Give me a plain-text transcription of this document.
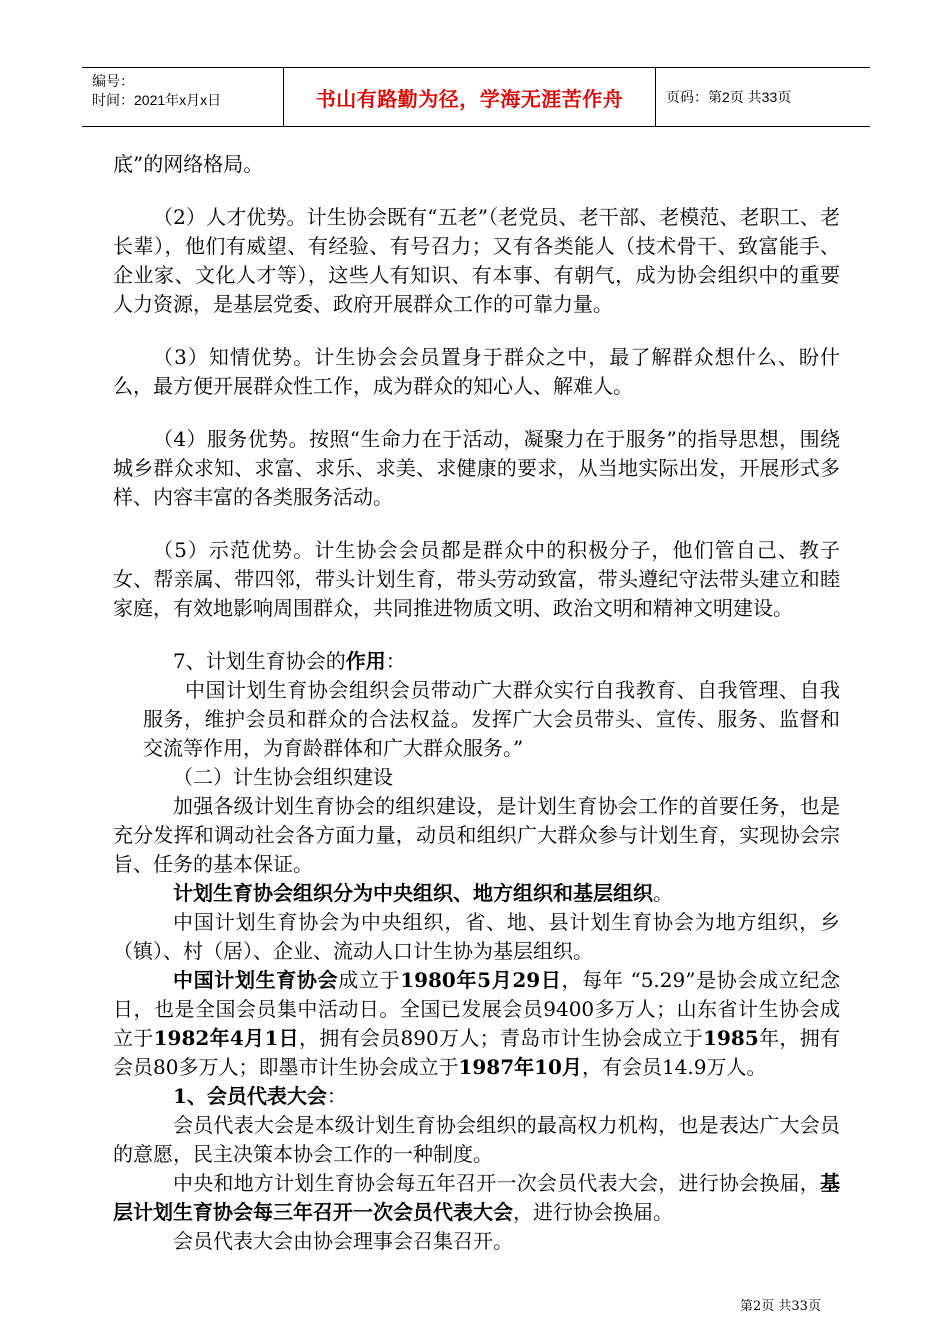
编号：
时间：2021年x月x日	书山有路勤为径，学海无涯苦作舟	页码：第2页 共33页

底”的网络格局。

（2）人才优势。计生协会既有“五老”（老党员、老干部、老模范、老职工、老长辈），他们有威望、有经验、有号召力；又有各类能人（技术骨干、致富能手、企业家、文化人才等），这些人有知识、有本事、有朝气，成为协会组织中的重要人力资源，是基层党委、政府开展群众工作的可靠力量。

（3）知情优势。计生协会会员置身于群众之中，最了解群众想什么、盼什么，最方便开展群众性工作，成为群众的知心人、解难人。

（4）服务优势。按照“生命力在于活动，凝聚力在于服务”的指导思想，围绕城乡群众求知、求富、求乐、求美、求健康的要求，从当地实际出发，开展形式多样、内容丰富的各类服务活动。

（5）示范优势。计生协会会员都是群众中的积极分子，他们管自己、教子女、帮亲属、带四邻，带头计划生育，带头劳动致富，带头遵纪守法带头建立和睦家庭，有效地影响周围群众，共同推进物质文明、政治文明和精神文明建设。

7、计划生育协会的作用：

中国计划生育协会组织会员带动广大群众实行自我教育、自我管理、自我服务，维护会员和群众的合法权益。发挥广大会员带头、宣传、服务、监督和交流等作用，为育龄群体和广大群众服务。”

（二）计生协会组织建设

加强各级计划生育协会的组织建设，是计划生育协会工作的首要任务，也是充分发挥和调动社会各方面力量，动员和组织广大群众参与计划生育，实现协会宗旨、任务的基本保证。

计划生育协会组织分为中央组织、地方组织和基层组织。

中国计划生育协会为中央组织，省、地、县计划生育协会为地方组织，乡（镇）、村（居）、企业、流动人口计生协为基层组织。

中国计划生育协会成立于1980年5月29日，每年 “5.29”是协会成立纪念日，也是全国会员集中活动日。全国已发展会员9400多万人；山东省计生协会成立于1982年4月1日，拥有会员890万人；青岛市计生协会成立于1985年，拥有会员80多万人；即墨市计生协会成立于1987年10月，有会员14.9万人。

1、会员代表大会：

会员代表大会是本级计划生育协会组织的最高权力机构，也是表达广大会员的意愿，民主决策本协会工作的一种制度。

中央和地方计划生育协会每五年召开一次会员代表大会，进行协会换届，基层计划生育协会每三年召开一次会员代表大会，进行协会换届。

会员代表大会由协会理事会召集召开。

第2页 共33页
